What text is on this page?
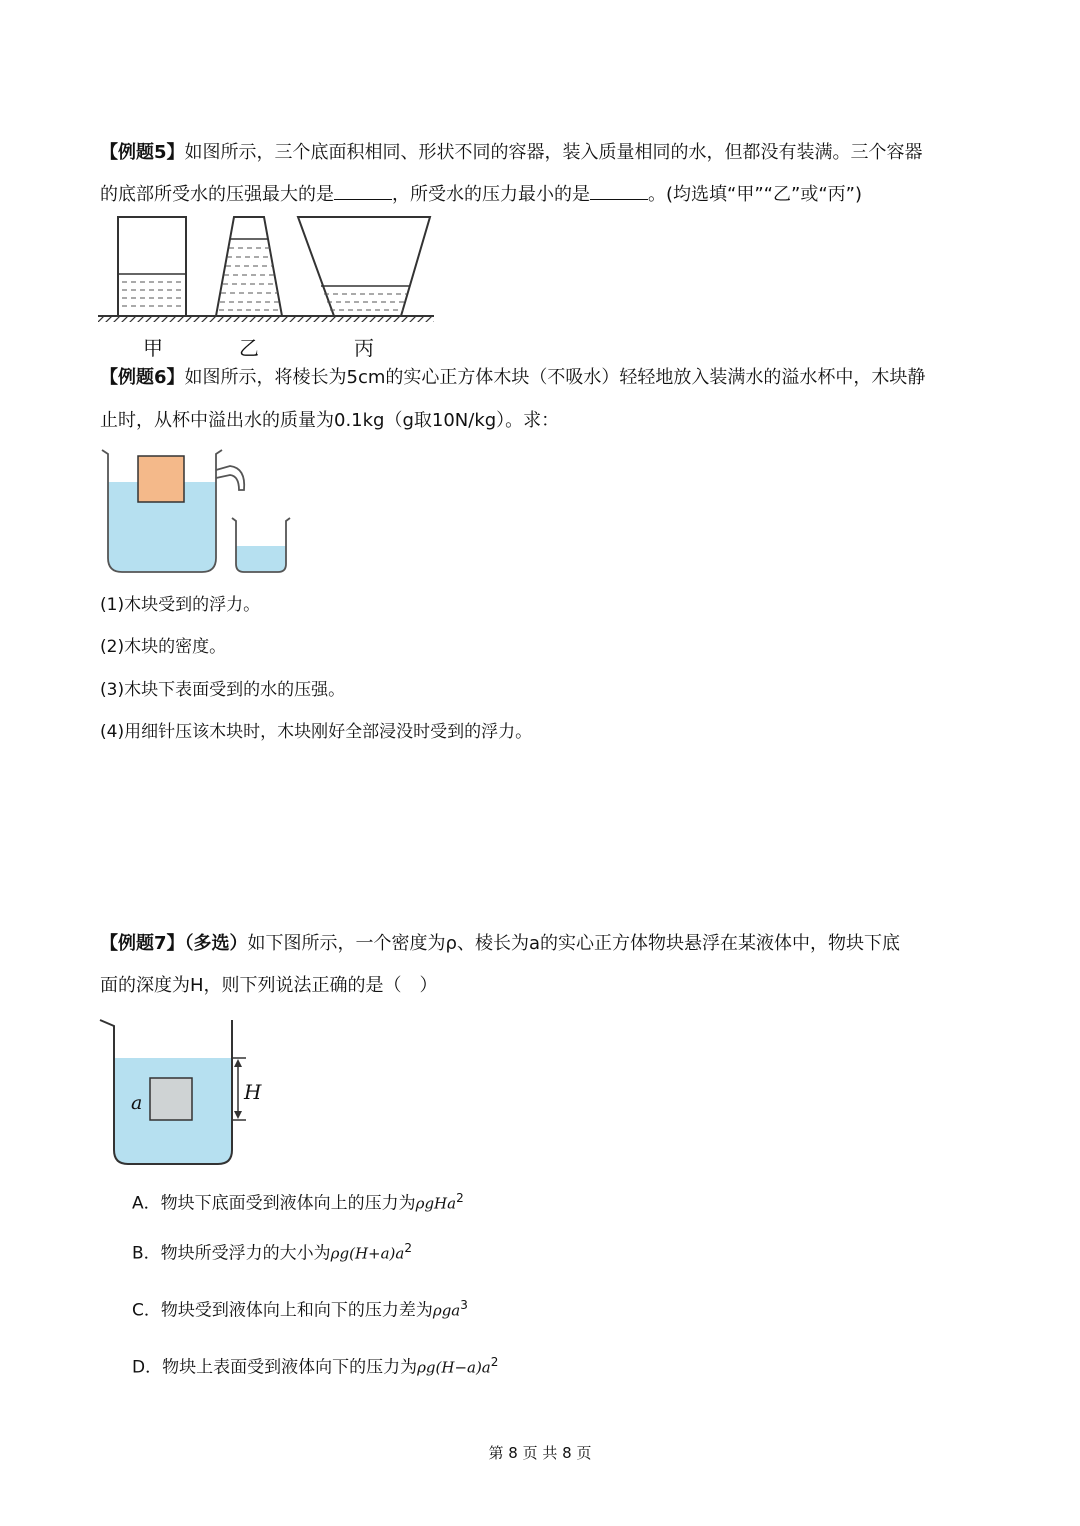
【例题5】如图所示，三个底面积相同、形状不同的容器，装入质量相同的水，但都没有装满。三个容器
的底部所受水的压强最大的是	，所受水的压力最小的是	。(均选填“甲”“乙”或“丙”)
甲	乙	丙
【例题6】如图所示，将棱长为5cm的实心正方体木块（不吸水）轻轻地放入装满水的溢水杯中，木块静
止时，从杯中溢出水的质量为0.1kg（g取10N/kg）。求：
(1)木块受到的浮力。
(2)木块的密度。
(3)木块下表面受到的水的压强。
(4)用细针压该木块时，木块刚好全部浸没时受到的浮力。
【例题7】（多选）如下图所示，一个密度为ρ、棱长为a的实心正方体物块悬浮在某液体中，物块下底
面的深度为H，则下列说法正确的是（　）
a	H
A．物块下底面受到液体向上的压力为ρgHa$^2$
B．物块所受浮力的大小为$\rho g(H+a)a^2$
C．物块受到液体向上和向下的压力差为ρga$^3$
D．物块上表面受到液体向下的压力为$\rho g(H-a)a^2$
第 8 页 共 8 页
